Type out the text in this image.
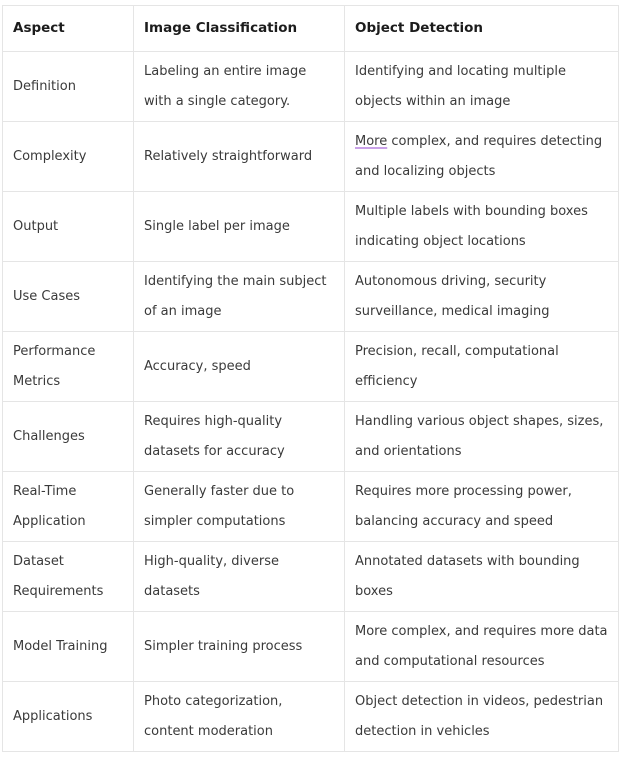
Aspect	Image Classification	Object Detection
Definition	Labeling an entire image with a single category.	Identifying and locating multiple objects within an image
Complexity	Relatively straightforward	More complex, and requires detecting and localizing objects
Output	Single label per image	Multiple labels with bounding boxes indicating object locations
Use Cases	Identifying the main subject of an image	Autonomous driving, security surveillance, medical imaging
Performance Metrics	Accuracy, speed	Precision, recall, computational efficiency
Challenges	Requires high-quality datasets for accuracy	Handling various object shapes, sizes, and orientations
Real-Time Application	Generally faster due to simpler computations	Requires more processing power, balancing accuracy and speed
Dataset Requirements	High-quality, diverse datasets	Annotated datasets with bounding boxes
Model Training	Simpler training process	More complex, and requires more data and computational resources
Applications	Photo categorization, content moderation	Object detection in videos, pedestrian detection in vehicles
